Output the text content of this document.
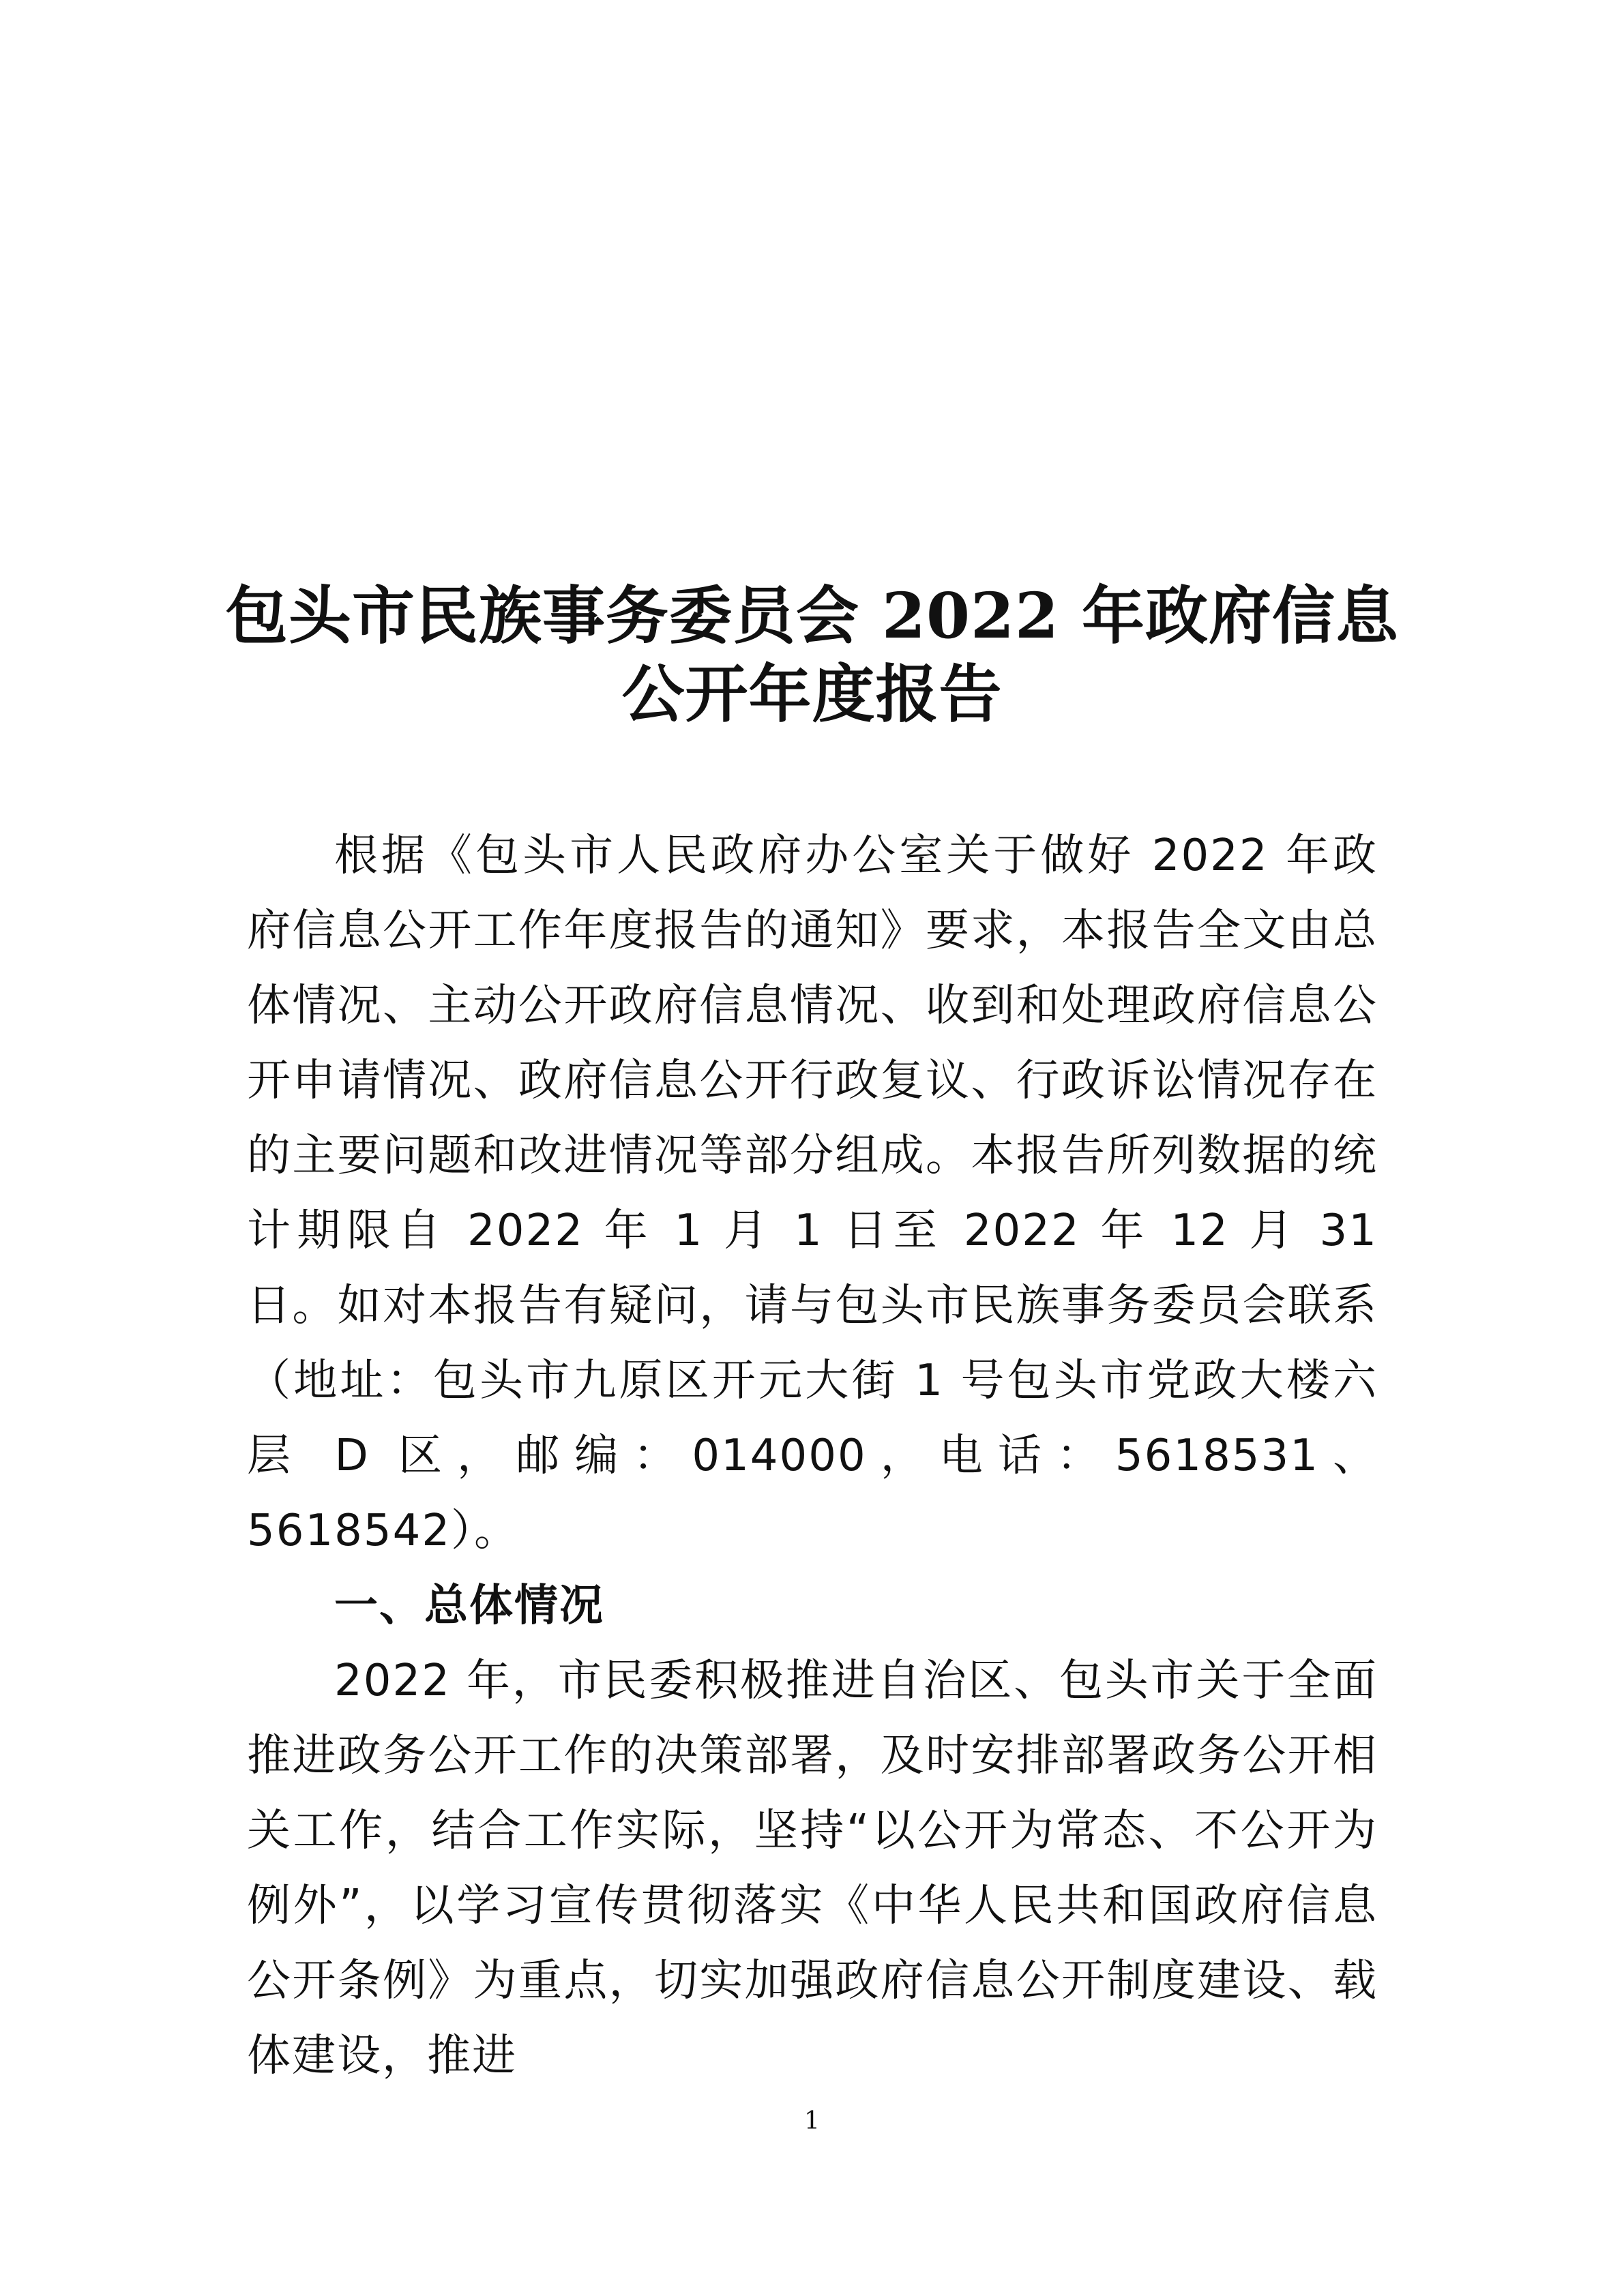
包头市民族事务委员会 2022 年政府信息
公开年度报告

根据《包头市人民政府办公室关于做好 2022 年政府信息公开工作年度报告的通知》要求，本报告全文由总体情况、主动公开政府信息情况、收到和处理政府信息公开申请情况、政府信息公开行政复议、行政诉讼情况存在的主要问题和改进情况等部分组成。本报告所列数据的统计期限自 2022 年 1 月 1 日至 2022 年 12 月 31 日。如对本报告有疑问，请与包头市民族事务委员会联系（地址：包头市九原区开元大街 1 号包头市党政大楼六层 D 区，邮编：014000，电话：5618531、5618542）。

一、总体情况

2022 年，市民委积极推进自治区、包头市关于全面推进政务公开工作的决策部署，及时安排部署政务公开相关工作，结合工作实际，坚持“以公开为常态、不公开为例外”，以学习宣传贯彻落实《中华人民共和国政府信息公开条例》为重点，切实加强政府信息公开制度建设、载体建设，推进

1
